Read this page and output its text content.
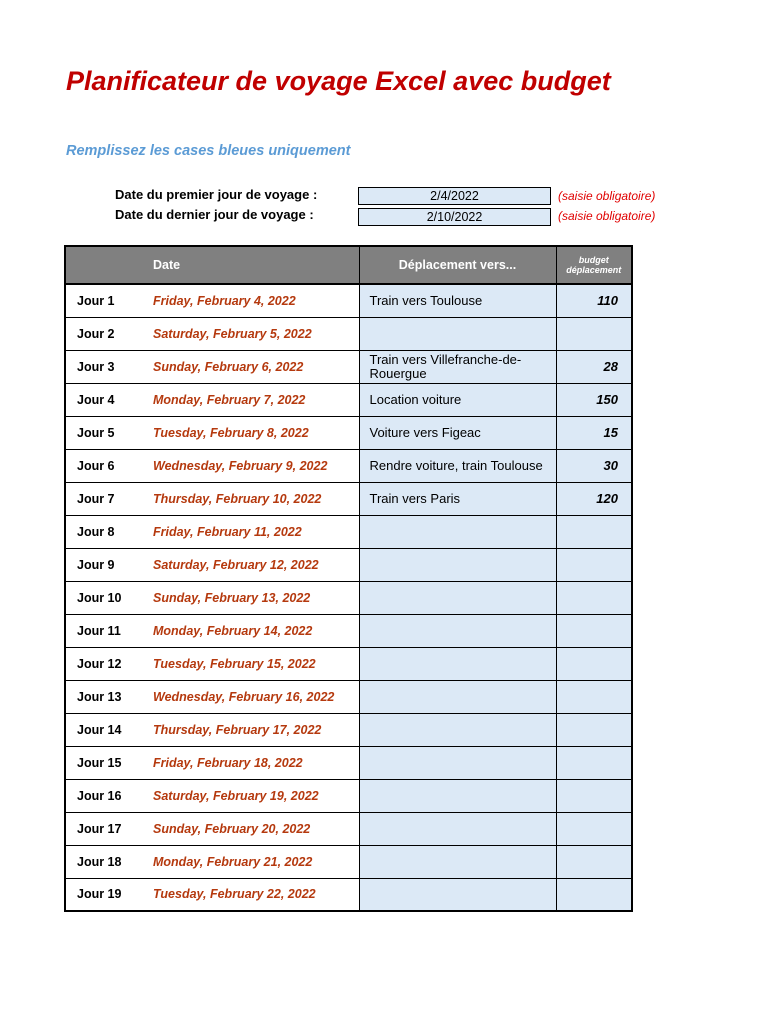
Planificateur de voyage Excel avec budget
Remplissez les cases bleues uniquement
Date du premier jour de voyage :	2/4/2022	(saisie obligatoire)
Date du dernier jour de voyage :	2/10/2022	(saisie obligatoire)
Date	Déplacement vers...	budget
déplacement

Jour 1 Friday, February 4, 2022	Train vers Toulouse	110
Jour 2 Saturday, February 5, 2022		
Jour 3 Sunday, February 6, 2022	Train vers Villefranche-de-Rouergue	28
Jour 4 Monday, February 7, 2022	Location voiture	150
Jour 5 Tuesday, February 8, 2022	Voiture vers Figeac	15
Jour 6 Wednesday, February 9, 2022	Rendre voiture, train Toulouse	30
Jour 7 Thursday, February 10, 2022	Train vers Paris	120
Jour 8 Friday, February 11, 2022		
Jour 9 Saturday, February 12, 2022		
Jour 10 Sunday, February 13, 2022		
Jour 11 Monday, February 14, 2022		
Jour 12 Tuesday, February 15, 2022		
Jour 13 Wednesday, February 16, 2022		
Jour 14 Thursday, February 17, 2022		
Jour 15 Friday, February 18, 2022		
Jour 16 Saturday, February 19, 2022		
Jour 17 Sunday, February 20, 2022		
Jour 18 Monday, February 21, 2022		
Jour 19 Tuesday, February 22, 2022		
